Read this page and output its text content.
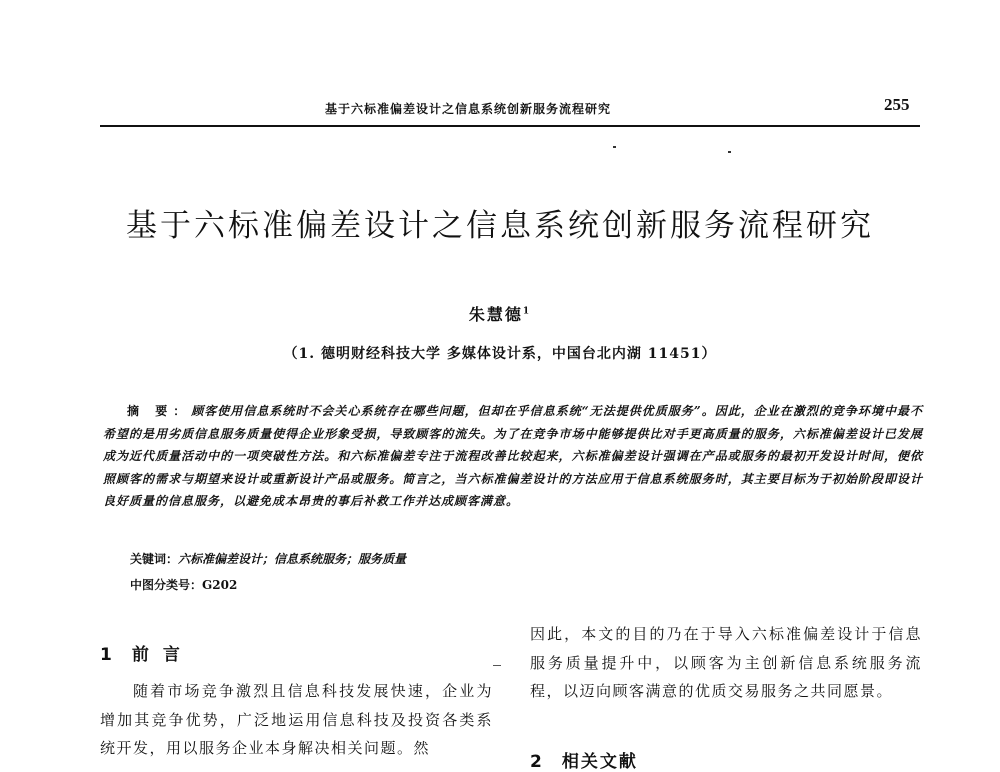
基于六标准偏差设计之信息系统创新服务流程研究	255
基于六标准偏差设计之信息系统创新服务流程研究
朱慧德$^1$
（1. 德明财经科技大学 多媒体设计系，中国台北内湖 11451）
摘 要：顾客使用信息系统时不会关心系统存在哪些问题，但却在乎信息系统“无法提供优质服务”。因此，企业在激烈的竞争环境中最不希望的是用劣质信息服务质量使得企业形象受损，导致顾客的流失。为了在竞争市场中能够提供比对手更高质量的服务，六标准偏差设计已发展成为近代质量活动中的一项突破性方法。和六标准偏差专注于流程改善比较起来，六标准偏差设计强调在产品或服务的最初开发设计时间，便依照顾客的需求与期望来设计或重新设计产品或服务。简言之，当六标准偏差设计的方法应用于信息系统服务时，其主要目标为于初始阶段即设计良好质量的信息服务，以避免成本昂贵的事后补救工作并达成顾客满意。
关键词：六标准偏差设计；信息系统服务；服务质量
中图分类号：G202
1 前言
随着市场竞争激烈且信息科技发展快速，企业为增加其竞争优势，广泛地运用信息科技及投资各类系统开发，用以服务企业本身解决相关问题。然
因此，本文的目的乃在于导入六标准偏差设计于信息服务质量提升中，以顾客为主创新信息系统服务流程，以迈向顾客满意的优质交易服务之共同愿景。
2 相关文献
